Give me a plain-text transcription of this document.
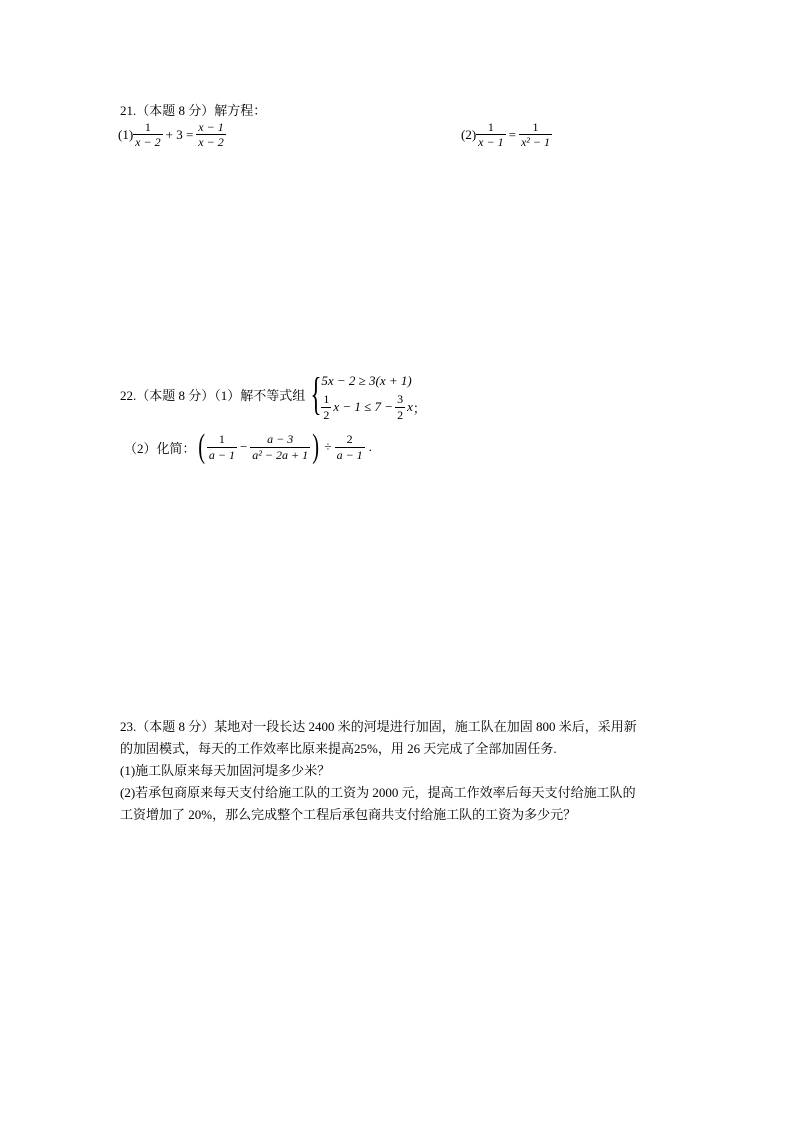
21.（本题 8 分）解方程：
$(1) \frac{1}{x - 2} + 3 = \frac{x - 1}{x - 2}$	$(2) \frac{1}{x - 1} = \frac{1}{\text{x² − 1}}$
22.（本题 8 分）（1）解不等式组 { 5x − 2 ≥ 3(x + 1)
$\frac{1}{2}$ $x - 1 \le 7 - \frac{3}{2}$ x ；
（2）化简： ( $\frac{1}{a - 1} - \frac{a - 3}{\text{a² − 2a + 1}}$ ) ÷ $\frac{2}{a - 1}$ .
23.（本题 8 分）某地对一段长达 2400 米的河堤进行加固，施工队在加固 800 米后，采用新
的加固模式，每天的工作效率比原来提高25%，用 26 天完成了全部加固任务.
(1)施工队原来每天加固河堤多少米？
(2)若承包商原来每天支付给施工队的工资为 2000 元，提高工作效率后每天支付给施工队的
工资增加了 20%，那么完成整个工程后承包商共支付给施工队的工资为多少元？
